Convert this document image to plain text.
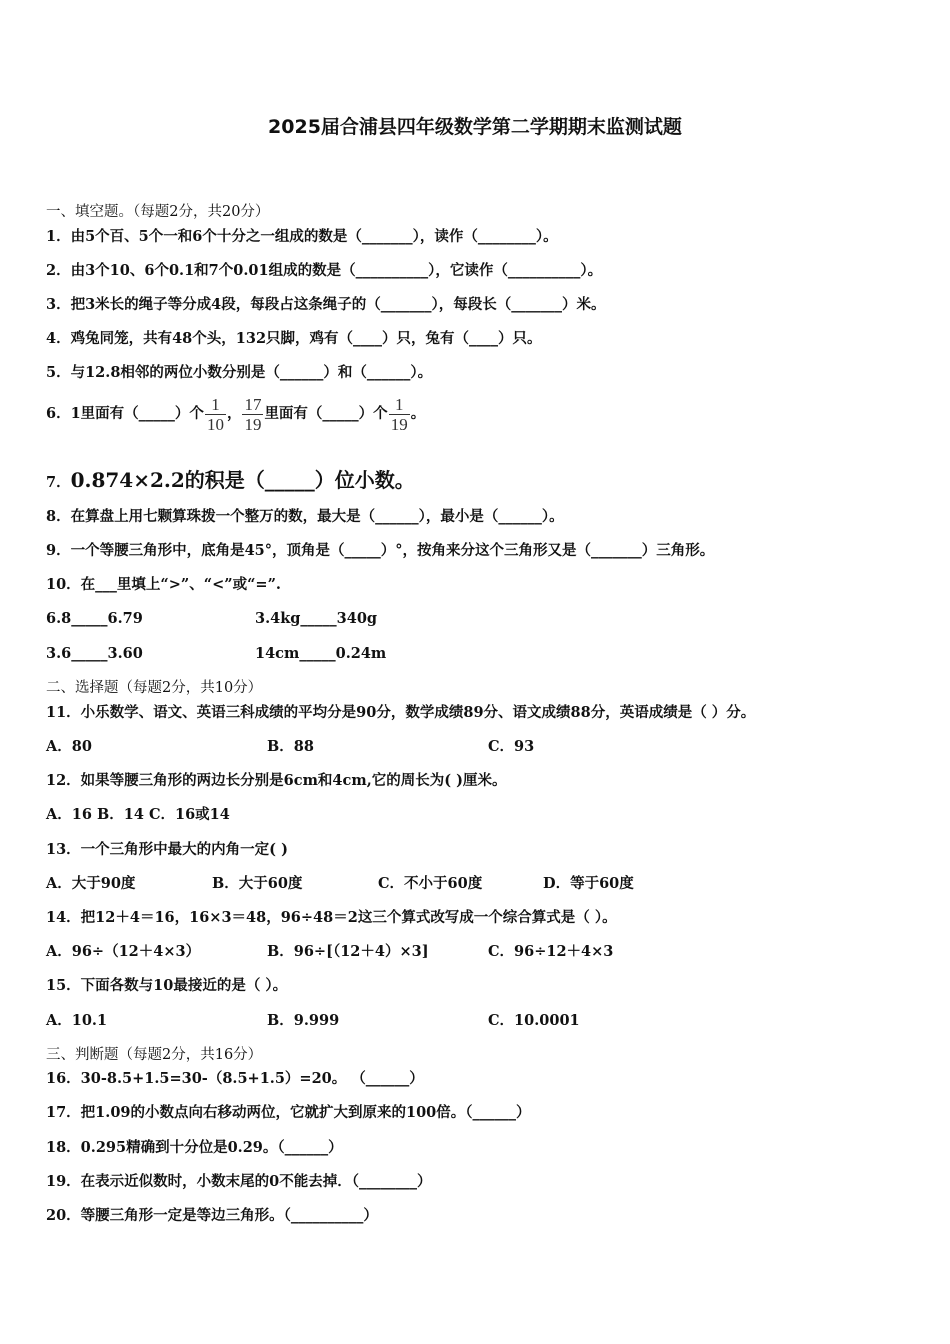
2025届合浦县四年级数学第二学期期末监测试题
一、填空题。（每题2分，共20分）
1．由5个百、5个一和6个十分之一组成的数是（_______），读作（________）。
2．由3个10、6个0.1和7个0.01组成的数是（__________），它读作（__________）。
3．把3米长的绳子等分成4段，每段占这条绳子的（_______），每段长（_______）米。
4．鸡兔同笼，共有48个头，132只脚，鸡有（____）只，兔有（____）只。
5．与12.8相邻的两位小数分别是（______）和（______）。
6．1里面有（_____）个 $\frac{1}{10}$ ， $\frac{17}{19}$ 里面有（_____）个 $\frac{1}{19}$ 。
7．0.874×2.2的积是（_____）位小数。
8．在算盘上用七颗算珠拨一个整万的数，最大是（______），最小是（______）。
9．一个等腰三角形中，底角是45°，顶角是（_____）°，按角来分这个三角形又是（_______）三角形。
10．在___里填上“>”、“<”或“=”.
6.8_____6.79	3.4kg_____340g
3.6_____3.60	14cm_____0.24m
二、选择题（每题2分，共10分）
11．小乐数学、语文、英语三科成绩的平均分是90分，数学成绩89分、语文成绩88分，英语成绩是（ ）分。
A．80	B．88	C．93
12．如果等腰三角形的两边长分别是6cm和4cm,它的周长为( )厘米。
A．16 B．14 C．16或14
13．一个三角形中最大的内角一定( )
A．大于90度	B．大于60度	C．不小于60度	D．等于60度
14．把12＋4＝16，16×3＝48，96÷48＝2这三个算式改写成一个综合算式是（ ）。
A．96÷（12＋4×3）	B．96÷[（12＋4）×3]	C．96÷12＋4×3
15．下面各数与10最接近的是（ ）。
A．10.1	B．9.999	C．10.0001
三、判断题（每题2分，共16分）
16．30-8.5+1.5=30-（8.5+1.5）=20。 （______）
17．把1.09的小数点向右移动两位，它就扩大到原来的100倍。（______）
18．0.295精确到十分位是0.29。（______）
19．在表示近似数时，小数末尾的0不能去掉．（________）
20．等腰三角形一定是等边三角形。（__________）
